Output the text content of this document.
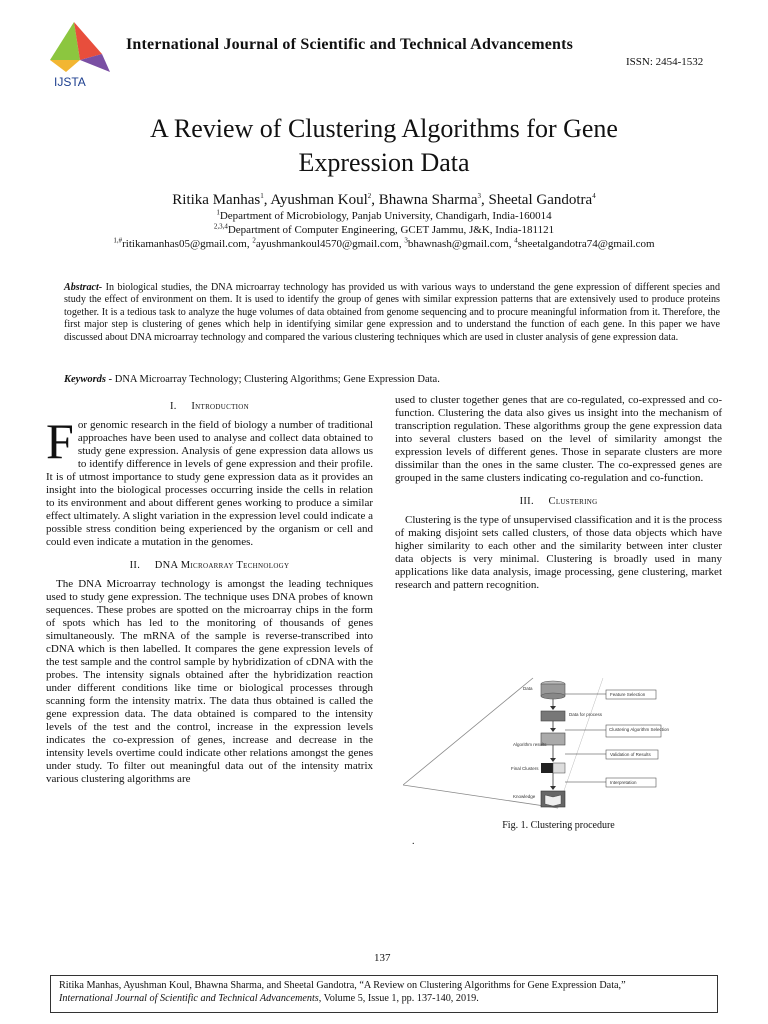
IJSTA
International Journal of Scientific and Technical Advancements
ISSN: 2454-1532
A Review of Clustering Algorithms for Gene
Expression Data
Ritika Manhas$^1$, Ayushman Koul$^2$, Bhawna Sharma$^3$, Sheetal Gandotra$^4$
$^1$Department of Microbiology, Panjab University, Chandigarh, India-160014
$^{2,3,4}$Department of Computer Engineering, GCET Jammu, J&K, India-181121
$^{1,\#}$ritikamanhas05@gmail.com, $^2$ayushmankoul4570@gmail.com, $^3$bhawnash@gmail.com, $^4$sheetalgandotra74@gmail.com
Abstract- In biological studies, the DNA microarray technology has provided us with various ways to understand the gene expression of different species and study the effect of environment on them. It is used to identify the group of genes with similar expression patterns that are extensively used to produce proteins together. It is a tedious task to analyze the huge volumes of data obtained from genome sequencing and to procure meaningful information from it. Therefore, the first major step is clustering of genes which help in identifying similar gene expression and to understand the function of each gene. In this paper we have discussed about DNA microarray technology and compared the various clustering techniques which are used in cluster analysis of gene expression data.
Keywords - DNA Microarray Technology; Clustering Algorithms; Gene Expression Data.
I. Introduction

For genomic research in the field of biology a number of traditional approaches have been used to analyse and collect data obtained to study gene expression. Analysis of gene expression data allows us to identify difference in levels of gene expression and their profile. It is of utmost importance to study gene expression data as it provides an insight into the biological processes occurring inside the cells in relation to its environment and about different genes working to produce a similar effect ultimately. A slight variation in the expression level could indicate a possible stress condition being experienced by the organism or cell and could even indicate a mutation in the genomes.

II. DNA Microarray Technology

The DNA Microarray technology is amongst the leading techniques used to study gene expression. The technique uses DNA probes of known sequences. These probes are spotted on the microarray chips in the form of spots which has led to the monitoring of thousands of genes simultaneously. The mRNA of the sample is reverse-transcribed into cDNA which is then labelled. It compares the gene expression levels of the test sample and the control sample by hybridization of cDNA with the probes. The intensity signals obtained after the hybridization reaction under different conditions like time or biological processes through scanning form the intensity matrix. The data thus obtained is called the gene expression data. The data obtained is compared to the intensity levels of the test and the control, increase in the expression levels indicates the co-expression of genes, increase and decrease in the intensity levels overtime could indicate other relations amongst the genes under study. To filter out meaningful data out of the intensity matrix various clustering algorithms are

used to cluster together genes that are co-regulated, co-expressed and co-function. Clustering the data also gives us insight into the mechanism of transcription regulation. These algorithms group the gene expression data into several clusters based on the level of similarity amongst the expression levels of different genes. Those in separate clusters are more dissimilar than the ones in the same cluster. The co-expressed genes are grouped in the same clusters indicating co-regulation and co-function.

III. Clustering

Clustering is the type of unsupervised classification and it is the process of making disjoint sets called clusters, of those data objects which have higher similarity to each other and the similarity between inter cluster data objects is very minimal. Clustering is broadly used in many applications like data analysis, image processing, gene clustering, market research and pattern recognition.

Data
Data for process
Algorithm results
Final Clusters
Knowledge
Feature Selection
Clustering Algorithm Selection
Validation of Results
Interpretation
Fig. 1. Clustering procedure
.
137
Ritika Manhas, Ayushman Koul, Bhawna Sharma, and Sheetal Gandotra, “A Review on Clustering Algorithms for Gene Expression Data,”
International Journal of Scientific and Technical Advancements, Volume 5, Issue 1, pp. 137-140, 2019.
